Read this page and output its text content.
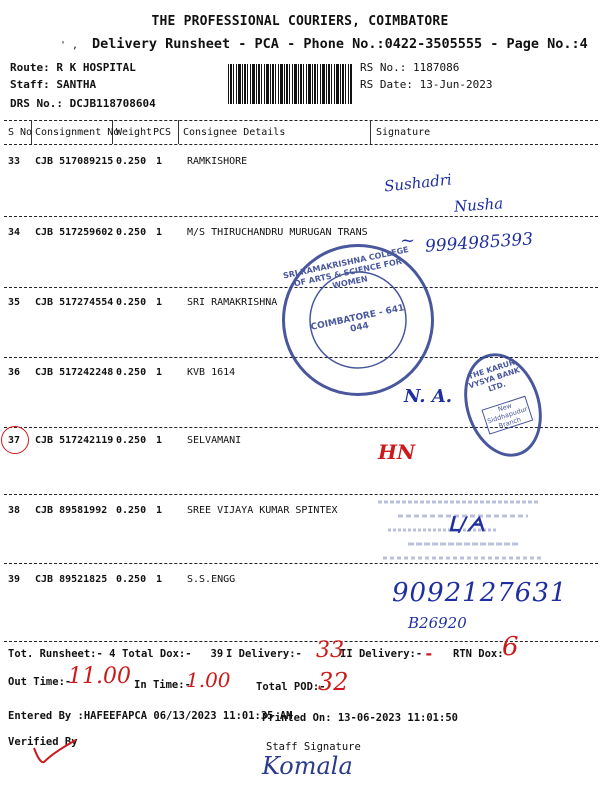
THE PROFESSIONAL COURIERS, COIMBATORE
' , Delivery Runsheet - PCA - Phone No.:0422-3505555 - Page No.:4
Route: R K HOSPITAL
Staff: SANTHA
DRS No.: DCJB118708604
RS No.: 1187086
RS Date: 13-Jun-2023
S No Consignment No
Weight PCS Consignee Details	Signature
33 CJB 517089215 0.250 1 RAMKISHORE
34 CJB 517259602 0.250 1 M/S THIRUCHANDRU MURUGAN TRANS
35 CJB 517274554 0.250 1 SRI RAMAKRISHNA
36 CJB 517242248 0.250 1 KVB 1614
37 CJB 517242119 0.250 1 SELVAMANI
38 CJB 89581992 0.250 1 SREE VIJAYA KUMAR SPINTEX
39 CJB 89521825 0.250 1 S.S.ENGG
Sushadri
Nusha
~ 9994985393
N. A.
HN
ᒪ∕ᗅ
9092127631
B26920
SRI RAMAKRISHNA COLLEGE OF ARTS & SCIENCE FOR WOMEN
COIMBATORE - 641 044
THE KARUR VYSYA BANK LTD.
New Siddhapudur Branch
Tot. Runsheet:- 4 Total Dox:-   39 I Delivery:- 33
II Delivery:- - RTN Dox:
6
Out Time:-
11.00 In Time:-
1.00 Total POD:-
32
Entered By :HAFEEFAPCA 06/13/2023 11:01:35 AM
Printed On: 13-06-2023 11:01:50
Verified By	Staff Signature
Komala
